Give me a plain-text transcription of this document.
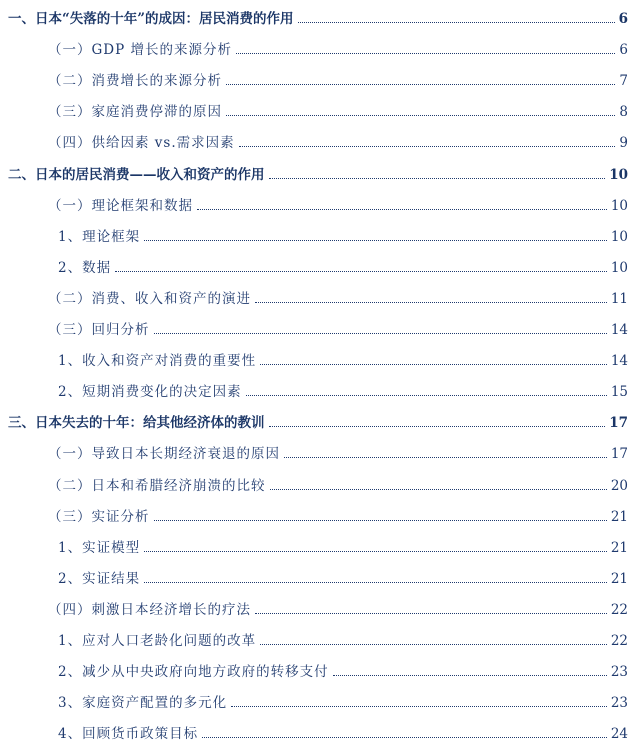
一、日本“失落的十年”的成因：居民消费的作用	6
（一）GDP 增长的来源分析	6
（二）消费增长的来源分析	7
（三）家庭消费停滞的原因	8
（四）供给因素 vs.需求因素	9
二、日本的居民消费——收入和资产的作用	10
（一）理论框架和数据	10
1、理论框架	10
2、数据	10
（二）消费、收入和资产的演进	11
（三）回归分析	14
1、收入和资产对消费的重要性	14
2、短期消费变化的决定因素	15
三、日本失去的十年：给其他经济体的教训	17
（一）导致日本长期经济衰退的原因	17
（二）日本和希腊经济崩溃的比较	20
（三）实证分析	21
1、实证模型	21
2、实证结果	21
（四）刺激日本经济增长的疗法	22
1、应对人口老龄化问题的改革	22
2、减少从中央政府向地方政府的转移支付	23
3、家庭资产配置的多元化	23
4、回顾货币政策目标	24
